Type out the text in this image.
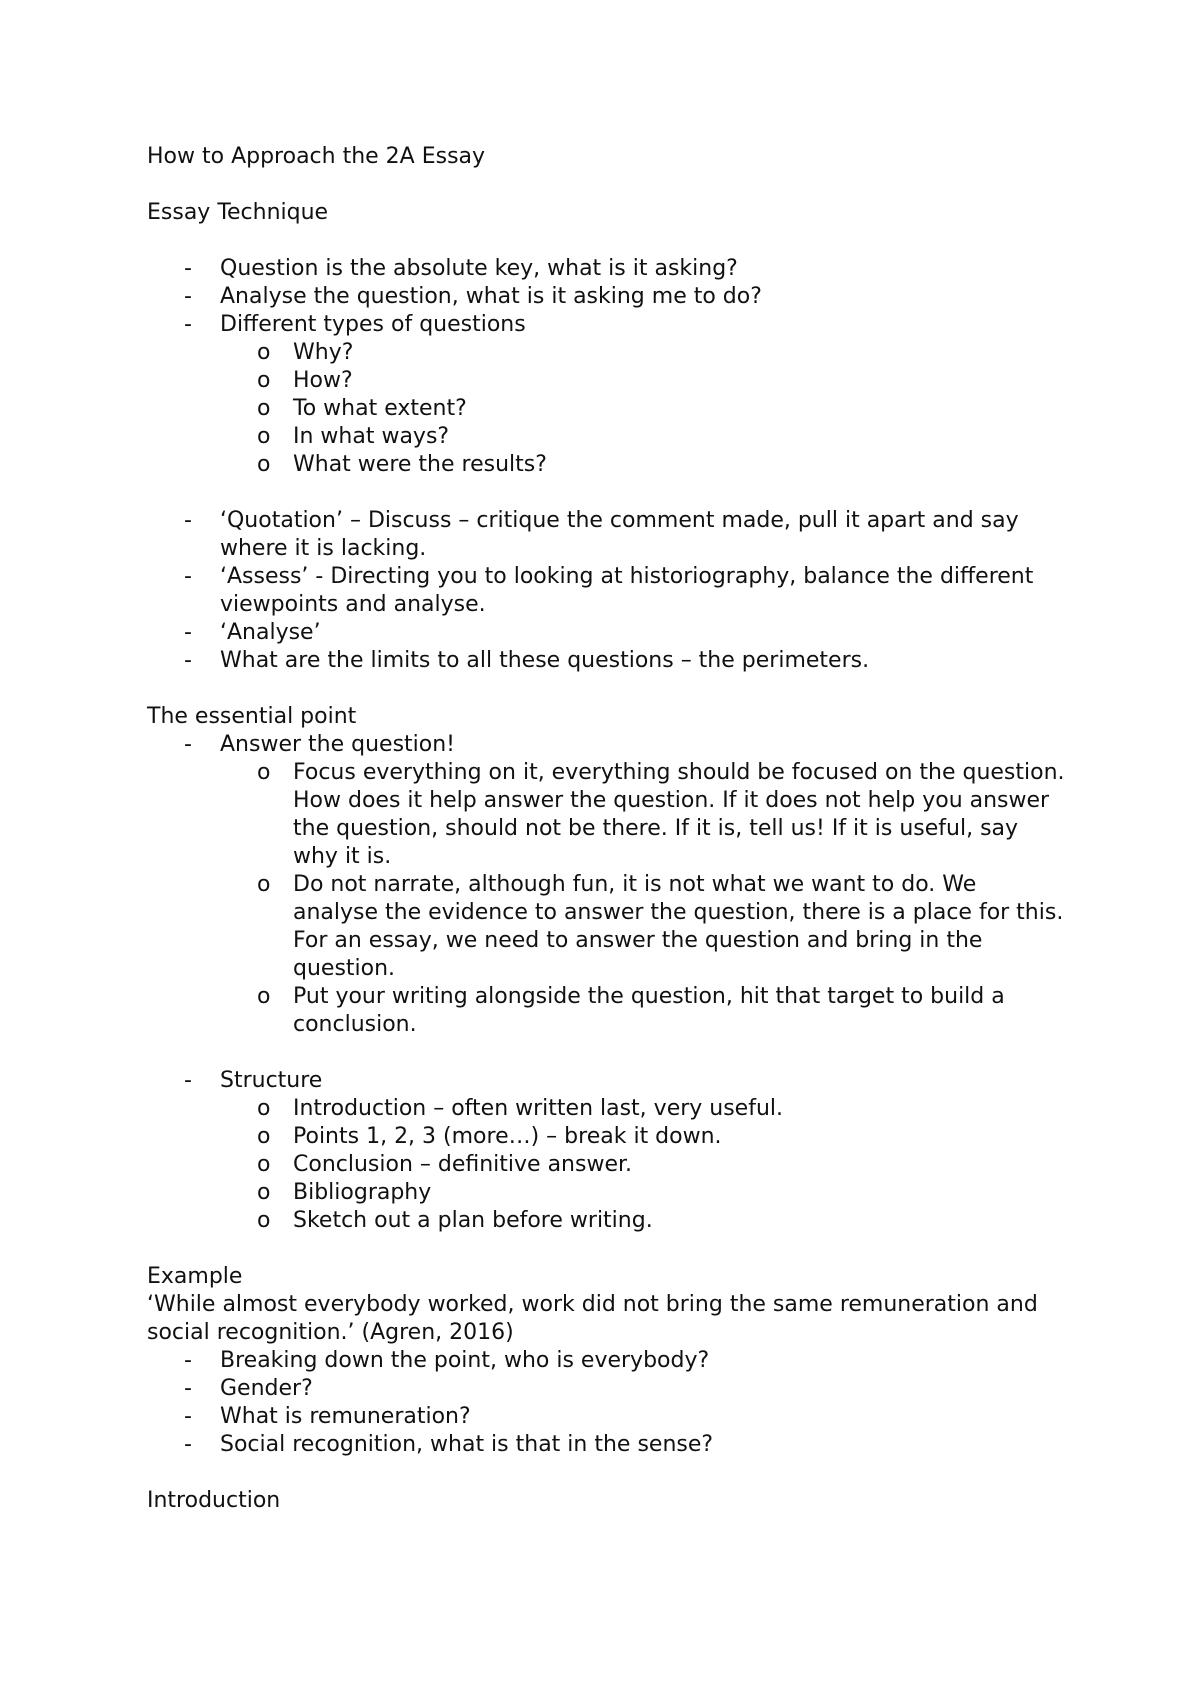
How to Approach the 2A Essay

Essay Technique

- Question is the absolute key, what is it asking?
- Analyse the question, what is it asking me to do?
- Different types of questions
o Why?
o How?
o To what extent?
o In what ways?
o What were the results?
- ‘Quotation’ – Discuss – critique the comment made, pull it apart and say where it is lacking.
- ‘Assess’ - Directing you to looking at historiography, balance the different viewpoints and analyse.
- ‘Analyse’
- What are the limits to all these questions – the perimeters.

The essential point

- Answer the question!
o Focus everything on it, everything should be focused on the question. How does it help answer the question. If it does not help you answer the question, should not be there. If it is, tell us! If it is useful, say why it is.
o Do not narrate, although fun, it is not what we want to do. We analyse the evidence to answer the question, there is a place for this. For an essay, we need to answer the question and bring in the question.
o Put your writing alongside the question, hit that target to build a conclusion.
- Structure
o Introduction – often written last, very useful.
o Points 1, 2, 3 (more…) – break it down.
o Conclusion – definitive answer.
o Bibliography
o Sketch out a plan before writing.

Example

‘While almost everybody worked, work did not bring the same remuneration and social recognition.’ (Agren, 2016)

- Breaking down the point, who is everybody?
- Gender?
- What is remuneration?
- Social recognition, what is that in the sense?

Introduction
